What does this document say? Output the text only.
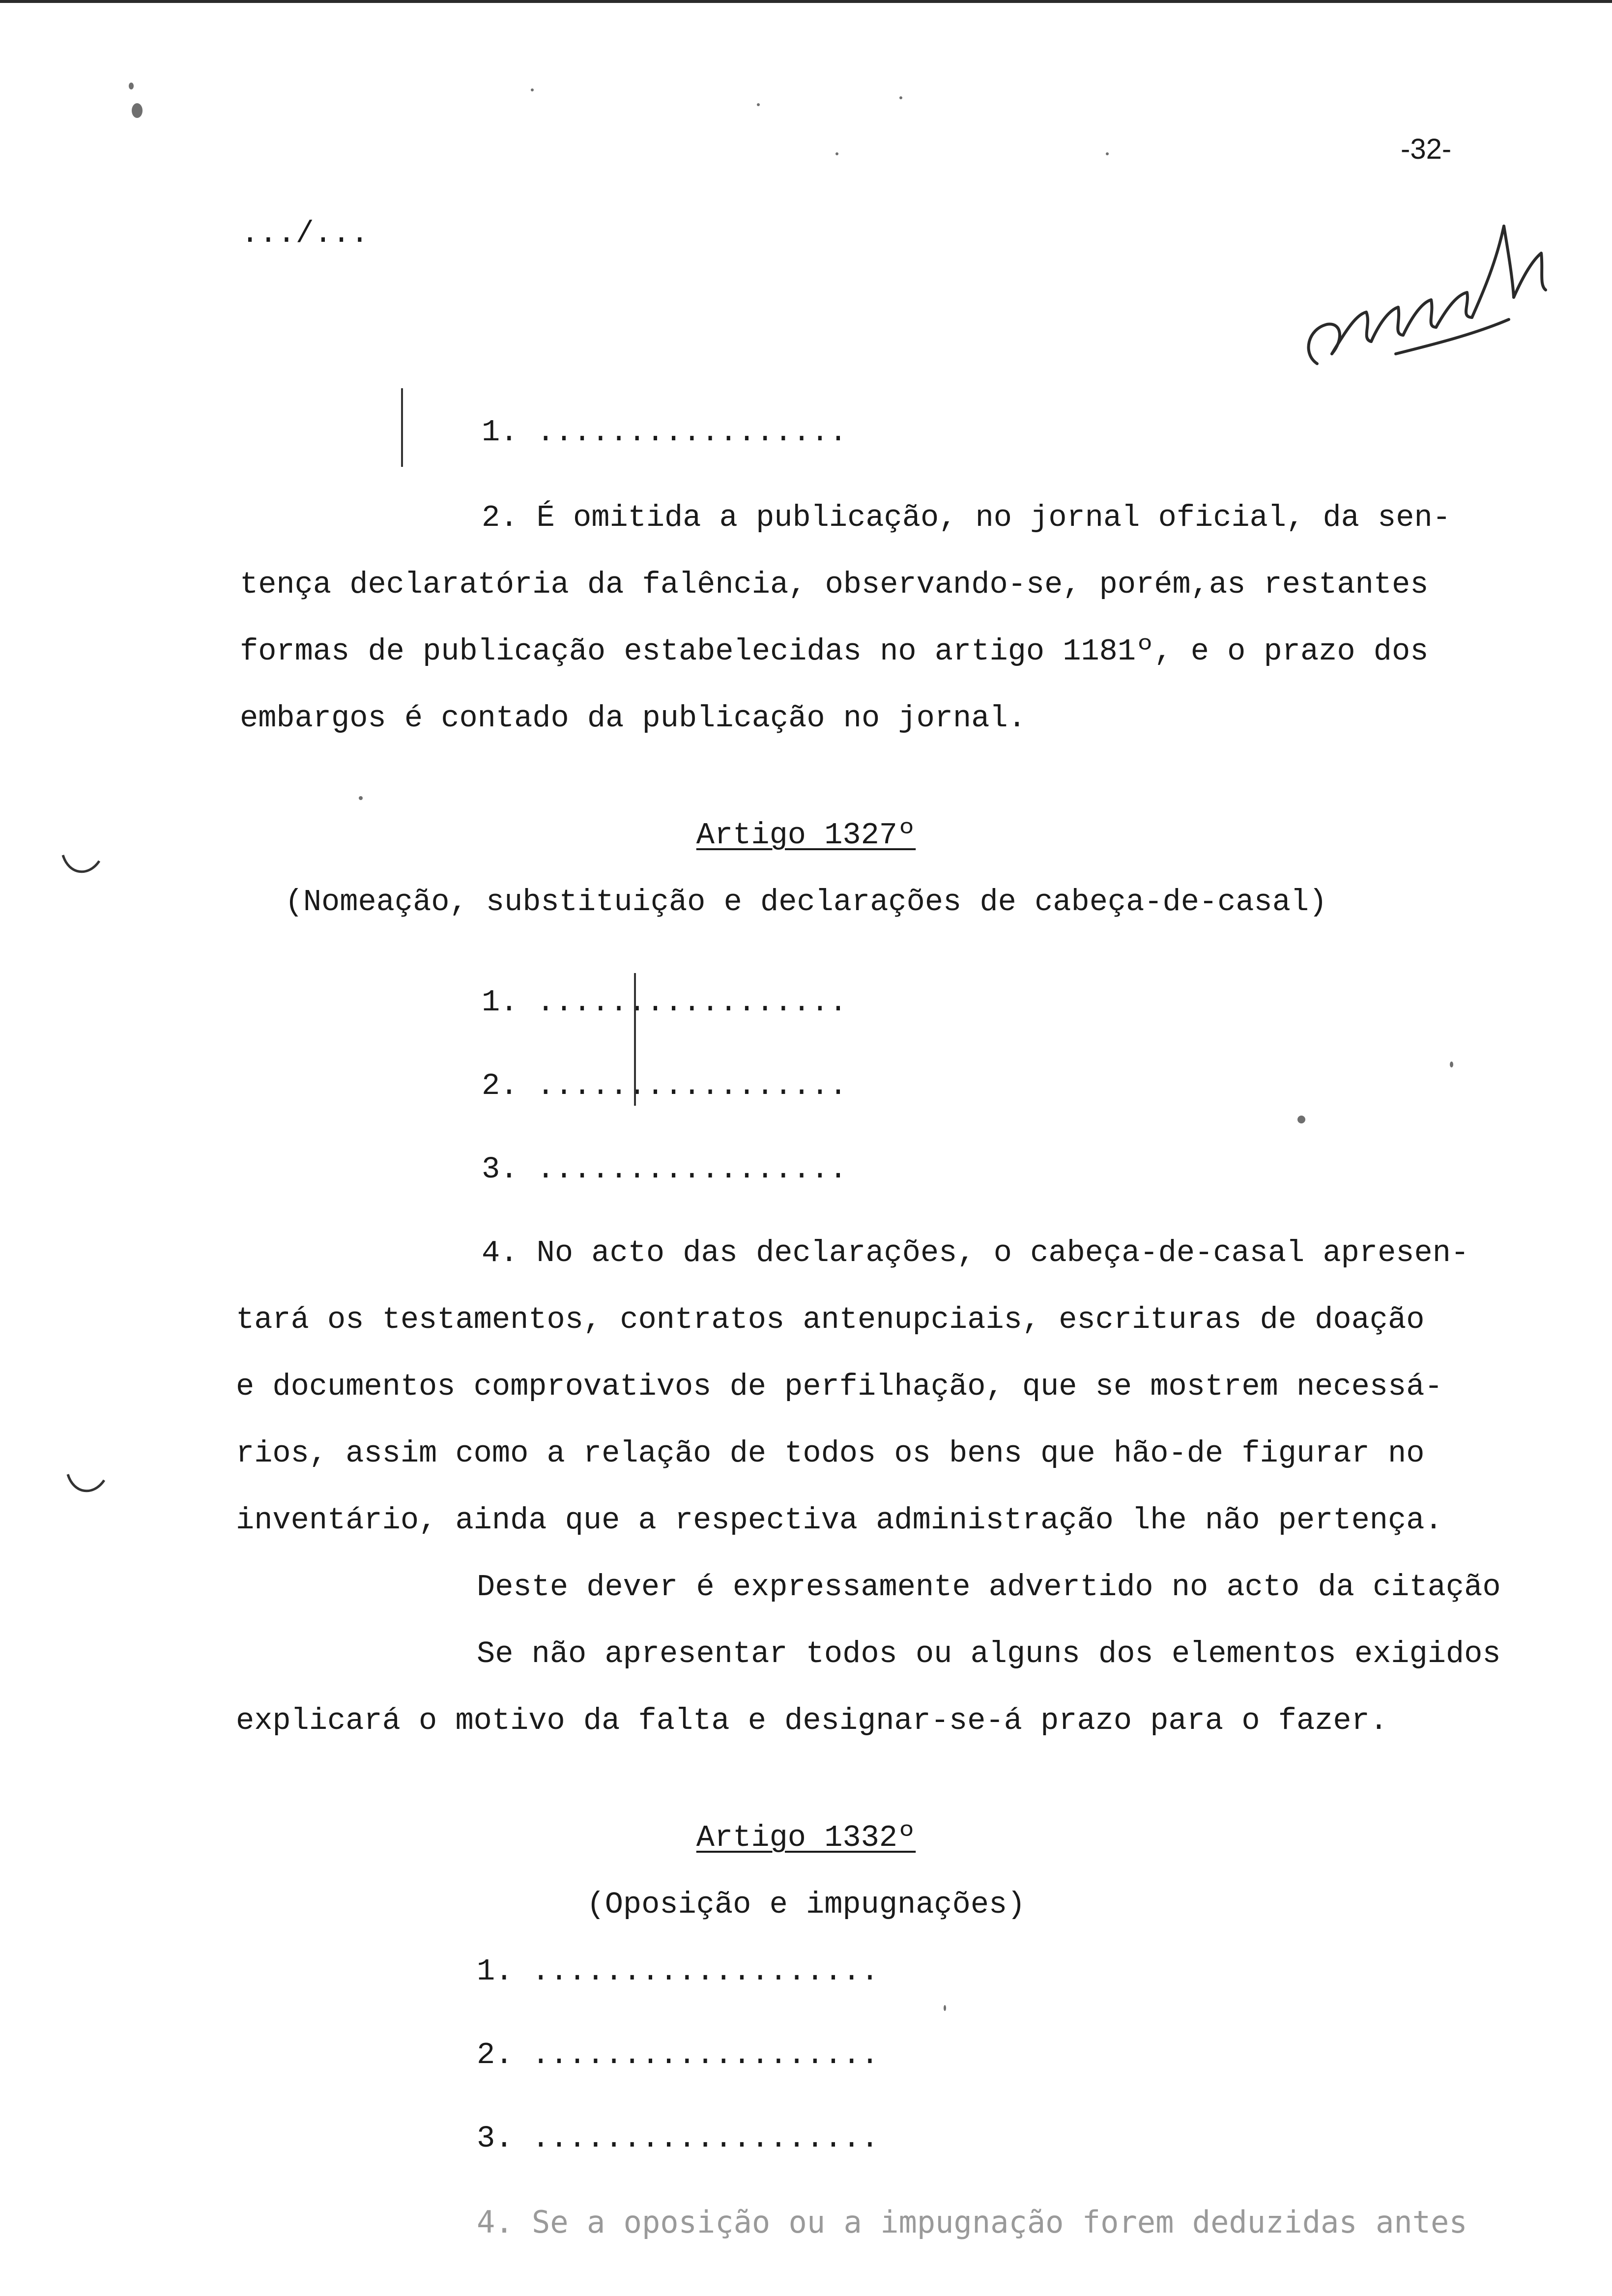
-32-
.../...
1. .................
2. É omitida a publicação, no jornal oficial, da sen-
tença declaratória da falência, observando-se, porém,as restantes
formas de publicação estabelecidas no artigo 1181º, e o prazo dos
embargos é contado da publicação no jornal.
Artigo 1327º
(Nomeação, substituição e declarações de cabeça-de-casal)
1. .................
2. .................
3. .................
4. No acto das declarações, o cabeça-de-casal apresen-
tará os testamentos, contratos antenupciais, escrituras de doação
e documentos comprovativos de perfilhação, que se mostrem necessá-
rios, assim como a relação de todos os bens que hão-de figurar no
inventário, ainda que a respectiva administração lhe não pertença.
Deste dever é expressamente advertido no acto da citação
Se não apresentar todos ou alguns dos elementos exigidos
explicará o motivo da falta e designar-se-á prazo para o fazer.
Artigo 1332º
(Oposição e impugnações)
1. ...................
2. ...................
3. ...................
4. Se a oposição ou a impugnação forem deduzidas antes
